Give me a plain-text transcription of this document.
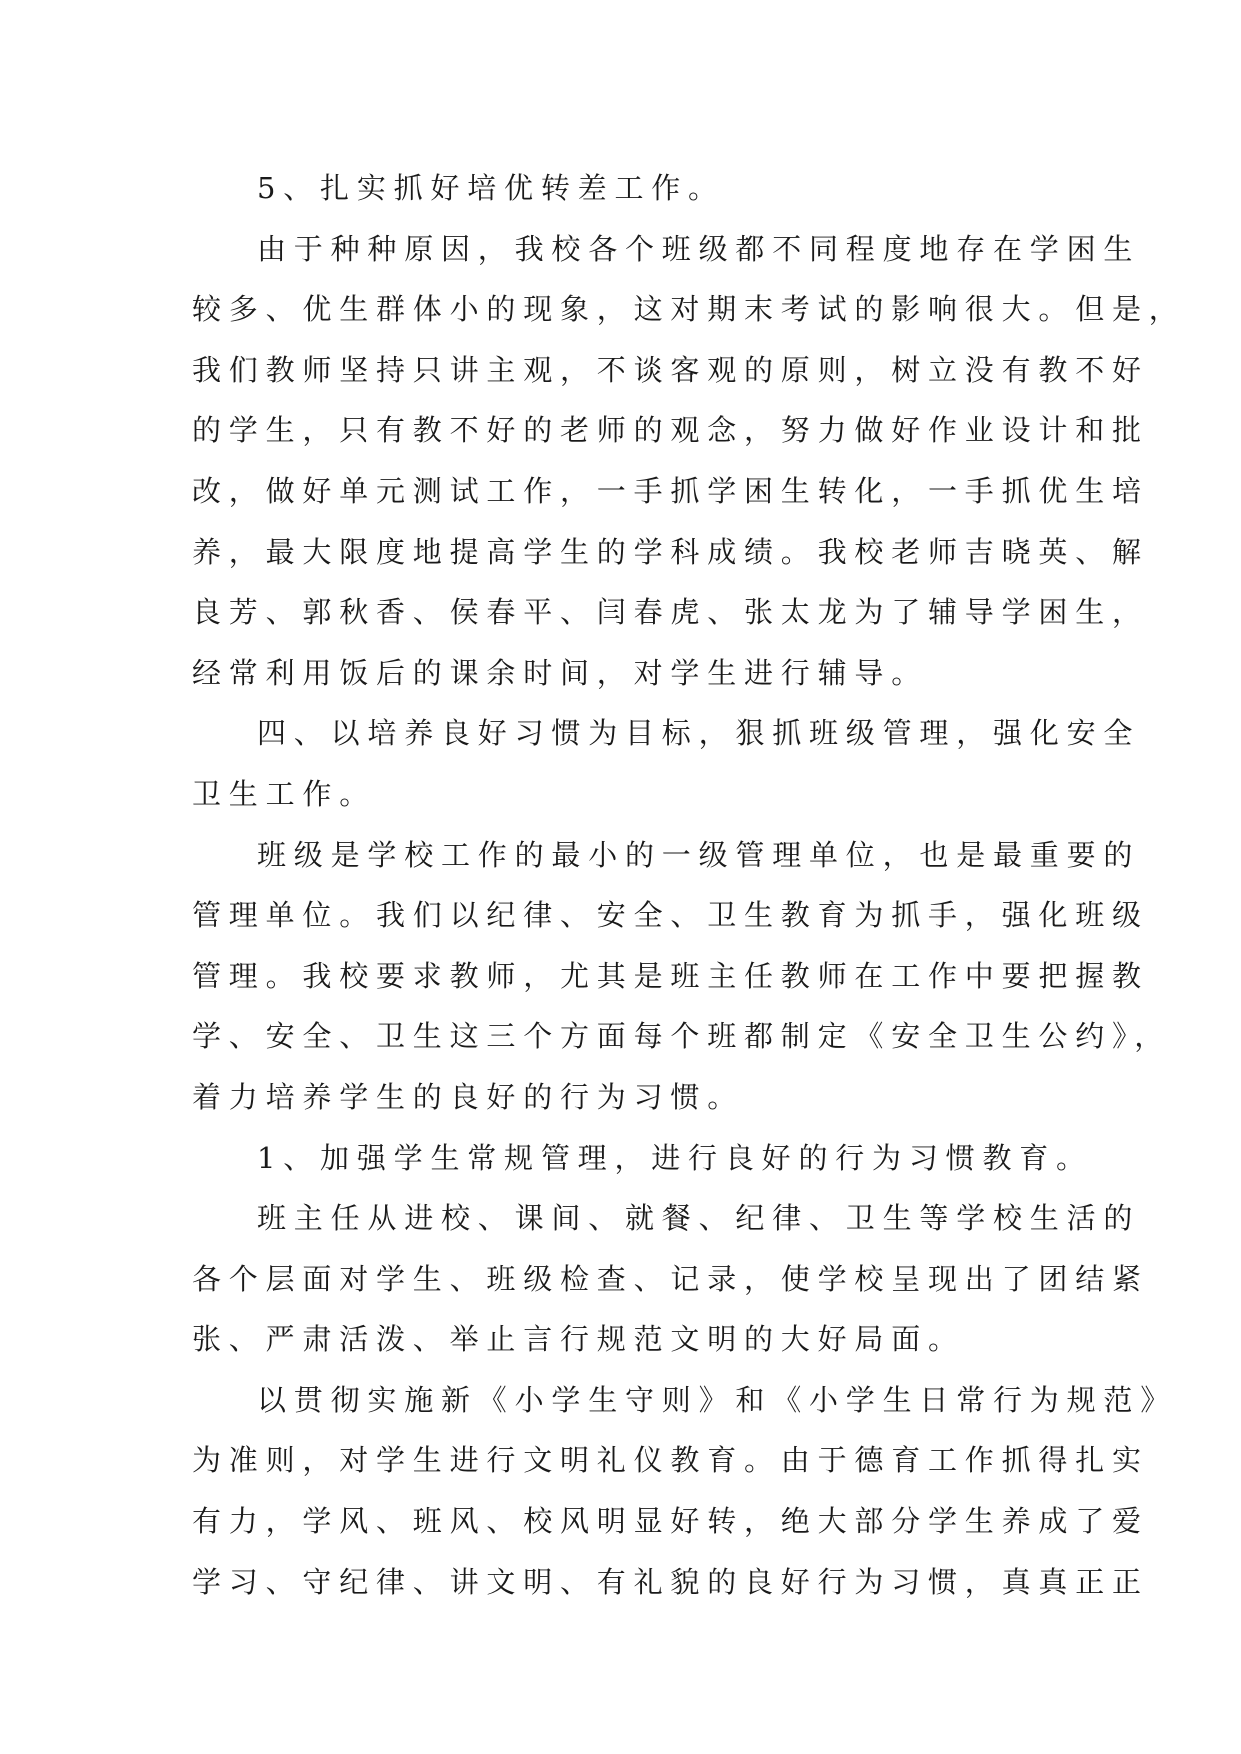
5、扎实抓好培优转差工作。
由于种种原因，我校各个班级都不同程度地存在学困生
较多、优生群体小的现象，这对期末考试的影响很大。但是，
我们教师坚持只讲主观，不谈客观的原则，树立没有教不好
的学生，只有教不好的老师的观念，努力做好作业设计和批
改，做好单元测试工作，一手抓学困生转化，一手抓优生培
养，最大限度地提高学生的学科成绩。我校老师吉晓英、解
良芳、郭秋香、侯春平、闫春虎、张太龙为了辅导学困生，
经常利用饭后的课余时间，对学生进行辅导。
四、以培养良好习惯为目标，狠抓班级管理，强化安全
卫生工作。
班级是学校工作的最小的一级管理单位，也是最重要的
管理单位。我们以纪律、安全、卫生教育为抓手，强化班级
管理。我校要求教师，尤其是班主任教师在工作中要把握教
学、安全、卫生这三个方面每个班都制定《安全卫生公约》，
着力培养学生的良好的行为习惯。
1、加强学生常规管理，进行良好的行为习惯教育。
班主任从进校、课间、就餐、纪律、卫生等学校生活的
各个层面对学生、班级检查、记录，使学校呈现出了团结紧
张、严肃活泼、举止言行规范文明的大好局面。
以贯彻实施新《小学生守则》和《小学生日常行为规范》
为准则，对学生进行文明礼仪教育。由于德育工作抓得扎实
有力，学风、班风、校风明显好转，绝大部分学生养成了爱
学习、守纪律、讲文明、有礼貌的良好行为习惯，真真正正
